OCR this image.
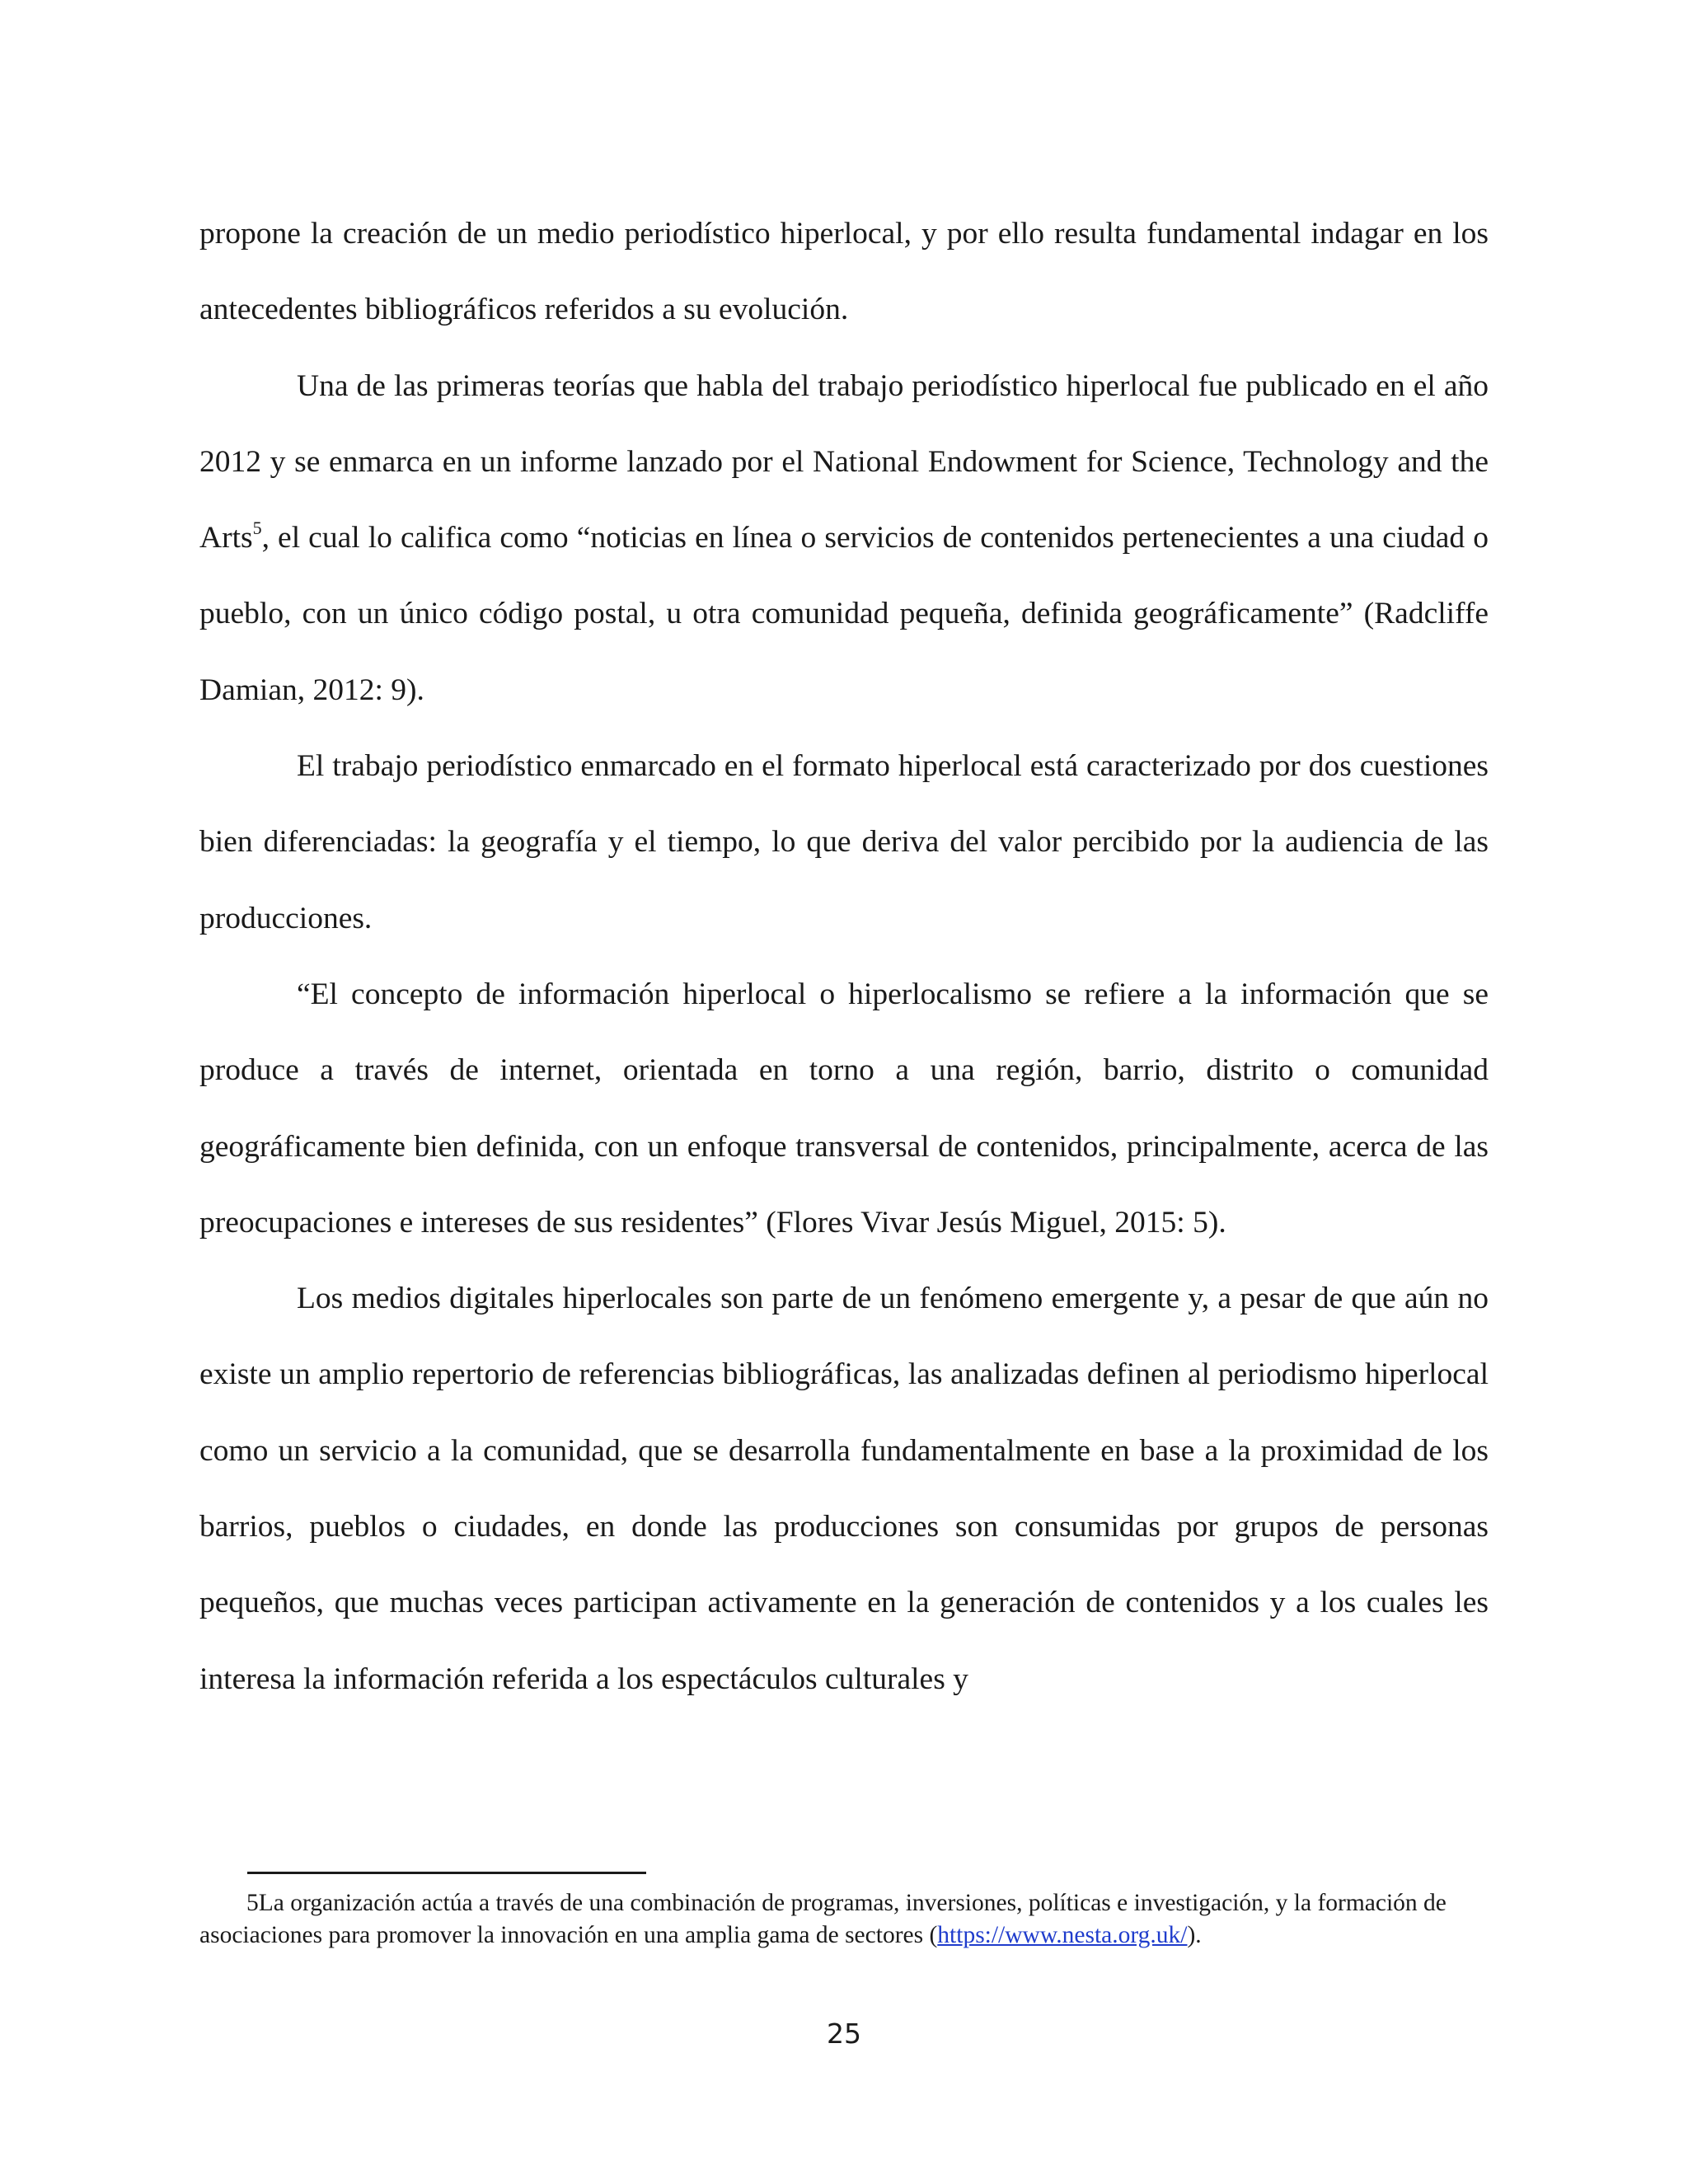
propone la creación de un medio periodístico hiperlocal, y por ello resulta fundamental indagar en los antecedentes bibliográficos referidos a su evolución.

Una de las primeras teorías que habla del trabajo periodístico hiperlocal fue publicado en el año 2012 y se enmarca en un informe lanzado por el National Endowment for Science, Technology and the Arts$^5$, el cual lo califica como “noticias en línea o servicios de contenidos pertenecientes a una ciudad o pueblo, con un único código postal, u otra comunidad pequeña, definida geográficamente” (Radcliffe Damian, 2012: 9).

El trabajo periodístico enmarcado en el formato hiperlocal está caracterizado por dos cuestiones bien diferenciadas: la geografía y el tiempo, lo que deriva del valor percibido por la audiencia de las producciones.

“El concepto de información hiperlocal o hiperlocalismo se refiere a la información que se produce a través de internet, orientada en torno a una región, barrio, distrito o comunidad geográficamente bien definida, con un enfoque transversal de contenidos, principalmente, acerca de las preocupaciones e intereses de sus residentes” (Flores Vivar Jesús Miguel, 2015: 5).

Los medios digitales hiperlocales son parte de un fenómeno emergente y, a pesar de que aún no existe un amplio repertorio de referencias bibliográficas, las analizadas definen al periodismo hiperlocal como un servicio a la comunidad, que se desarrolla fundamentalmente en base a la proximidad de los barrios, pueblos o ciudades, en donde las producciones son consumidas por grupos de personas pequeños, que muchas veces participan activamente en la generación de contenidos y a los cuales les interesa la información referida a los espectáculos culturales y

5La organización actúa a través de una combinación de programas, inversiones, políticas e investigación, y la formación de asociaciones para promover la innovación en una amplia gama de sectores (https://www.nesta.org.uk/).

25
